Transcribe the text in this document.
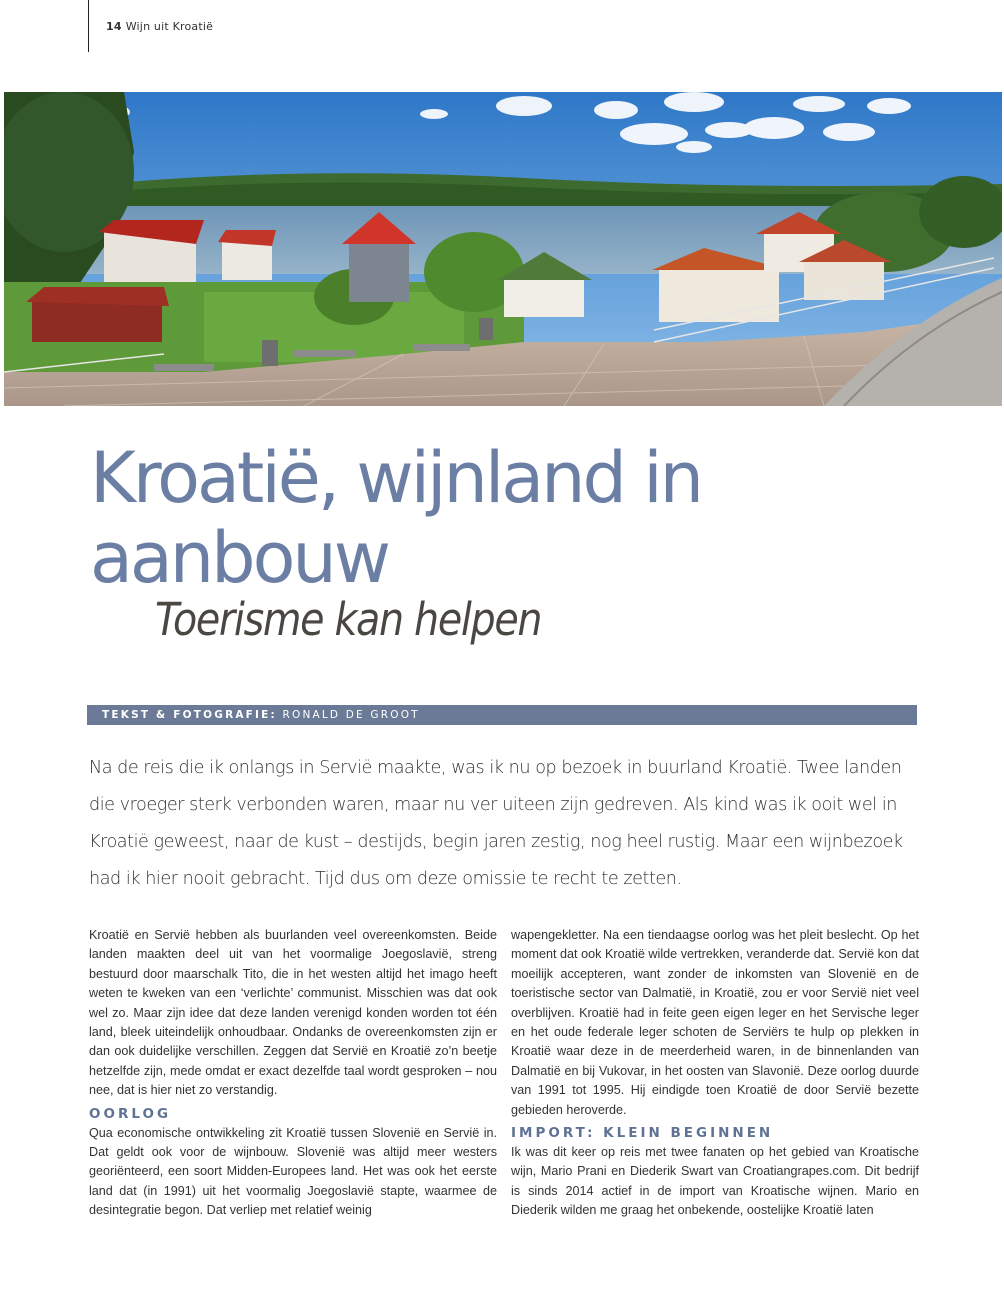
14 Wijn uit Kroatië
Kroatië, wijnland in aanbouw
Toerisme kan helpen
TEKST & FOTOGRAFIE: RONALD DE GROOT

Na de reis die ik onlangs in Servië maakte, was ik nu op bezoek in buurland Kroatië. Twee landen die vroeger sterk verbonden waren, maar nu ver uiteen zijn gedreven. Als kind was ik ooit wel in Kroatië geweest, naar de kust – destijds, begin jaren zestig, nog heel rustig. Maar een wijnbezoek had ik hier nooit gebracht. Tijd dus om deze omissie te recht te zetten.

Kroatië en Servië hebben als buurlanden veel overeenkomsten. Beide landen maakten deel uit van het voormalige Joegoslavië, streng bestuurd door maarschalk Tito, die in het westen altijd het imago heeft weten te kweken van een ‘verlichte’ communist. Misschien was dat ook wel zo. Maar zijn idee dat deze landen verenigd konden worden tot één land, bleek uiteindelijk onhoudbaar. Ondanks de overeenkomsten zijn er dan ook duidelijke verschillen. Zeggen dat Servië en Kroatië zo’n beetje hetzelfde zijn, mede omdat er exact dezelfde taal wordt gesproken – nou nee, dat is hier niet zo verstandig.

OORLOG

Qua economische ontwikkeling zit Kroatië tussen Slovenië en Servië in. Dat geldt ook voor de wijnbouw. Slovenië was altijd meer westers georiënteerd, een soort Midden-Europees land. Het was ook het eerste land dat (in 1991) uit het voormalig Joegoslavië stapte, waarmee de desintegratie begon. Dat verliep met relatief weinig

wapengekletter. Na een tiendaagse oorlog was het pleit beslecht. Op het moment dat ook Kroatië wilde vertrekken, veranderde dat. Servië kon dat moeilijk accepteren, want zonder de inkomsten van Slovenië en de toeristische sector van Dalmatië, in Kroatië, zou er voor Servië niet veel overblijven. Kroatië had in feite geen eigen leger en het Servische leger en het oude federale leger schoten de Serviërs te hulp op plekken in Kroatië waar deze in de meerderheid waren, in de binnenlanden van Dalmatië en bij Vukovar, in het oosten van Slavonië. Deze oorlog duurde van 1991 tot 1995. Hij eindigde toen Kroatië de door Servië bezette gebieden heroverde.

IMPORT: KLEIN BEGINNEN

Ik was dit keer op reis met twee fanaten op het gebied van Kroatische wijn, Mario Prani en Diederik Swart van Croatiangrapes.com. Dit bedrijf is sinds 2014 actief in de import van Kroatische wijnen. Mario en Diederik wilden me graag het onbekende, oostelijke Kroatië laten
